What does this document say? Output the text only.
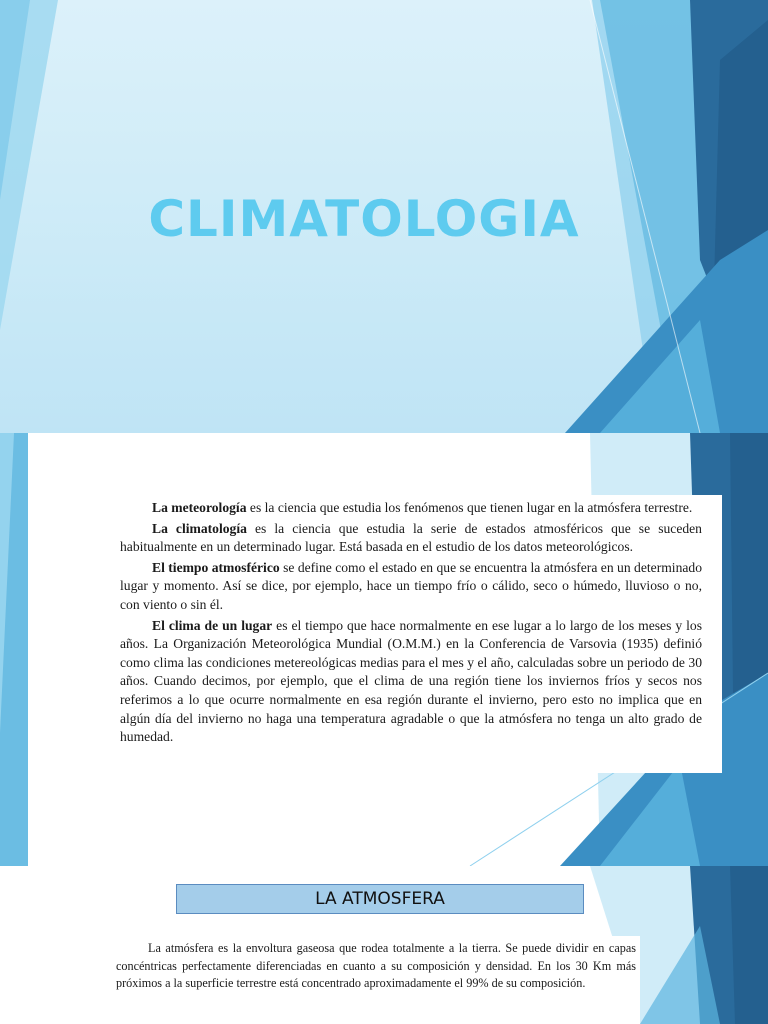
CLIMATOLOGIA

La meteorología es la ciencia que estudia los fenómenos que tienen lugar en la atmósfera terrestre.

La climatología es la ciencia que estudia la serie de estados atmosféricos que se suceden habitualmente en un determinado lugar. Está basada en el estudio de los datos meteorológicos.

El tiempo atmosférico se define como el estado en que se encuentra la atmósfera en un determinado lugar y momento. Así se dice, por ejemplo, hace un tiempo frío o cálido, seco o húmedo, lluvioso o no, con viento o sin él.

El clima de un lugar es el tiempo que hace normalmente en ese lugar a lo largo de los meses y los años. La Organización Meteorológica Mundial (O.M.M.) en la Conferencia de Varsovia (1935) definió como clima las condiciones metereológicas medias para el mes y el año, calculadas sobre un periodo de 30 años. Cuando decimos, por ejemplo, que el clima de una región tiene los inviernos fríos y secos nos referimos a lo que ocurre normalmente en esa región durante el invierno, pero esto no implica que en algún día del invierno no haga una temperatura agradable o que la atmósfera no tenga un alto grado de humedad.

LA ATMOSFERA

La atmósfera es la envoltura gaseosa que rodea totalmente a la tierra. Se puede dividir en capas concéntricas perfectamente diferenciadas en cuanto a su composición y densidad. En los 30 Km más próximos a la superficie terrestre está concentrado aproximadamente el 99% de su composición.
